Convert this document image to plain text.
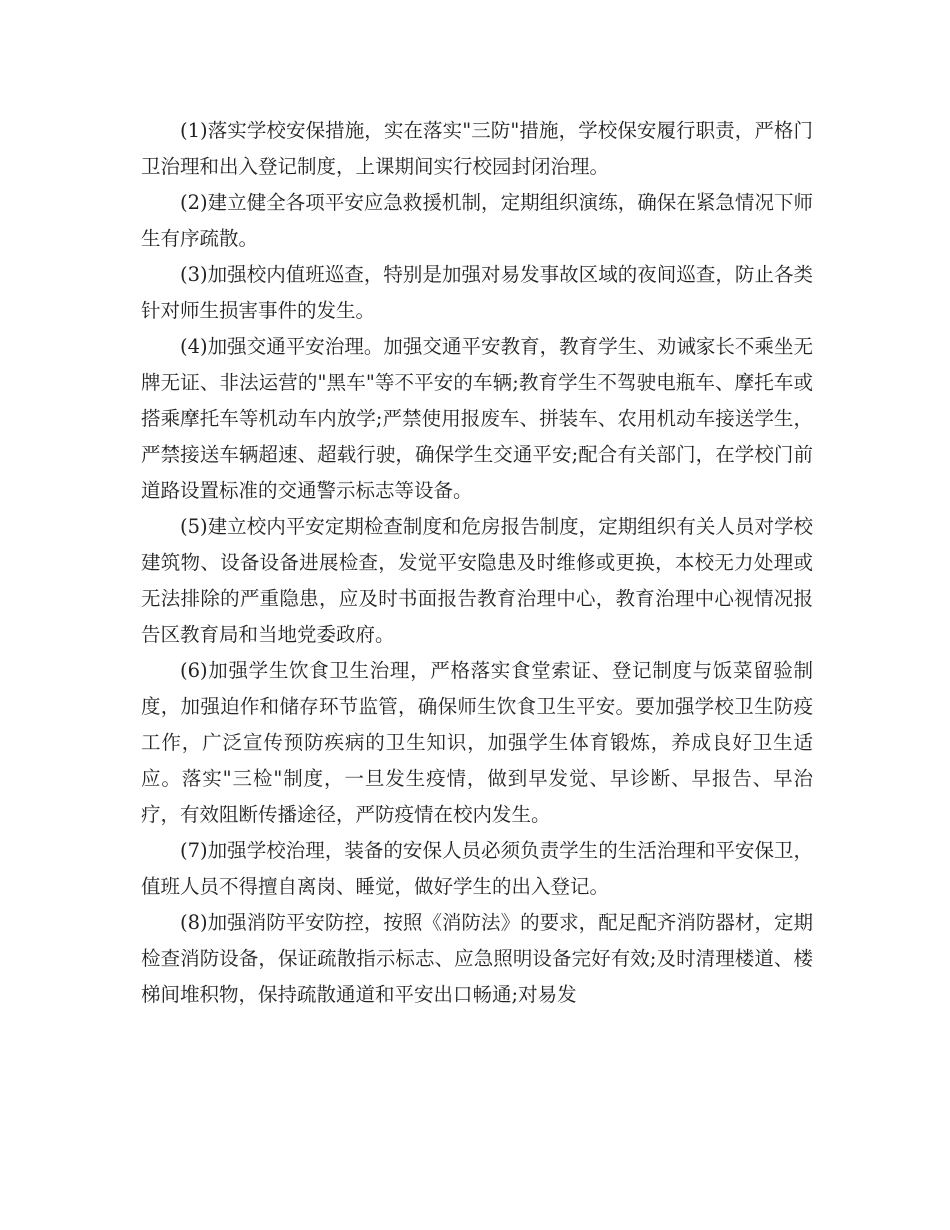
(1)落实学校安保措施，实在落实"三防"措施，学校保安履行职责，严格门卫治理和出入登记制度，上课期间实行校园封闭治理。

(2)建立健全各项平安应急救援机制，定期组织演练，确保在紧急情况下师生有序疏散。

(3)加强校内值班巡查，特别是加强对易发事故区域的夜间巡查，防止各类针对师生损害事件的发生。

(4)加强交通平安治理。加强交通平安教育，教育学生、劝诫家长不乘坐无牌无证、非法运营的"黑车"等不平安的车辆;教育学生不驾驶电瓶车、摩托车或搭乘摩托车等机动车内放学;严禁使用报废车、拼装车、农用机动车接送学生，严禁接送车辆超速、超载行驶，确保学生交通平安;配合有关部门，在学校门前道路设置标准的交通警示标志等设备。

(5)建立校内平安定期检查制度和危房报告制度，定期组织有关人员对学校建筑物、设备设备进展检查，发觉平安隐患及时维修或更换，本校无力处理或无法排除的严重隐患，应及时书面报告教育治理中心，教育治理中心视情况报告区教育局和当地党委政府。

(6)加强学生饮食卫生治理，严格落实食堂索证、登记制度与饭菜留验制度，加强迫作和储存环节监管，确保师生饮食卫生平安。要加强学校卫生防疫工作，广泛宣传预防疾病的卫生知识，加强学生体育锻炼，养成良好卫生适应。落实"三检"制度，一旦发生疫情，做到早发觉、早诊断、早报告、早治疗，有效阻断传播途径，严防疫情在校内发生。

(7)加强学校治理，装备的安保人员必须负责学生的生活治理和平安保卫，值班人员不得擅自离岗、睡觉，做好学生的出入登记。

(8)加强消防平安防控，按照《消防法》的要求，配足配齐消防器材，定期检查消防设备，保证疏散指示标志、应急照明设备完好有效;及时清理楼道、楼梯间堆积物，保持疏散通道和平安出口畅通;对易发
